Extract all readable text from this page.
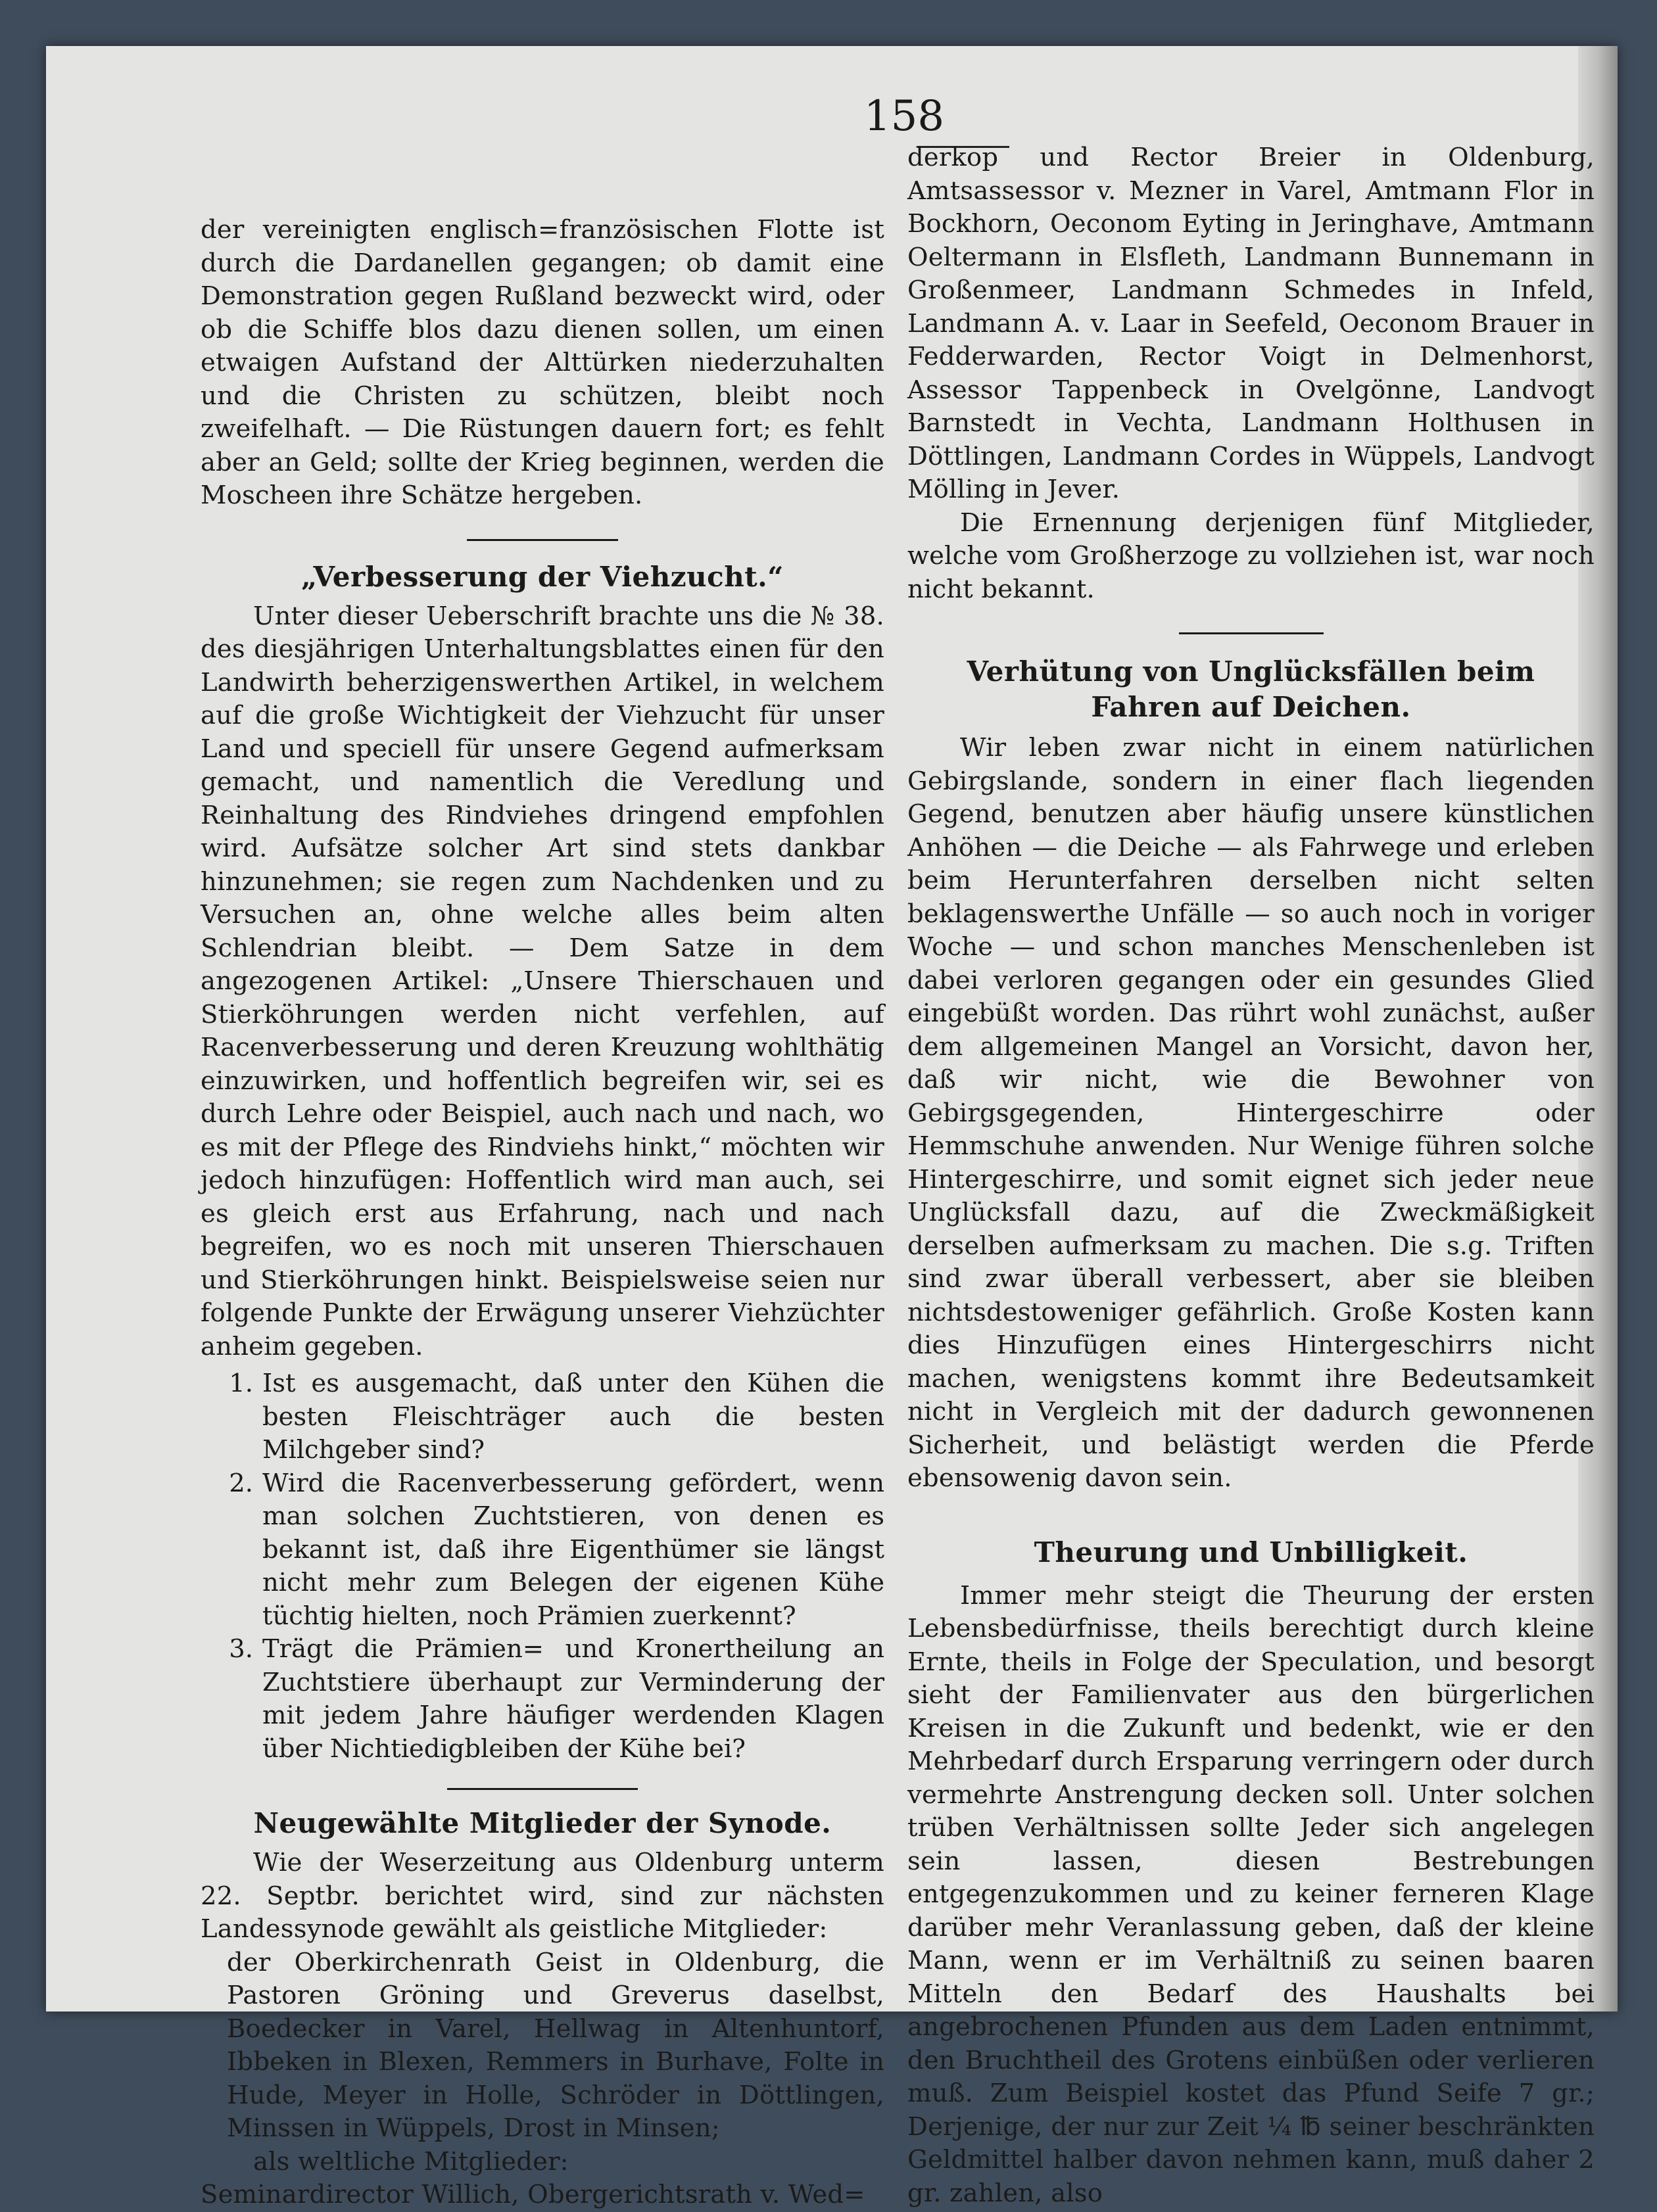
158

der vereinigten englisch=französischen Flotte ist durch die Dardanellen gegangen; ob damit eine Demonstration gegen Rußland bezweckt wird, oder ob die Schiffe blos dazu dienen sollen, um einen etwaigen Aufstand der Alttürken niederzuhalten und die Christen zu schützen, bleibt noch zweifelhaft. — Die Rüstungen dauern fort; es fehlt aber an Geld; sollte der Krieg beginnen, werden die Moscheen ihre Schätze hergeben.

„Verbesserung der Viehzucht.“

Unter dieser Ueberschrift brachte uns die № 38. des diesjährigen Unterhaltungsblattes einen für den Landwirth beherzigenswerthen Artikel, in welchem auf die große Wichtigkeit der Viehzucht für unser Land und speciell für unsere Gegend aufmerksam gemacht, und namentlich die Veredlung und Reinhaltung des Rindviehes dringend empfohlen wird. Aufsätze solcher Art sind stets dankbar hinzunehmen; sie regen zum Nachdenken und zu Versuchen an, ohne welche alles beim alten Schlendrian bleibt. — Dem Satze in dem angezogenen Artikel: „Unsere Thierschauen und Stierköhrungen werden nicht verfehlen, auf Racenverbesserung und deren Kreuzung wohlthätig einzuwirken, und hoffentlich begreifen wir, sei es durch Lehre oder Beispiel, auch nach und nach, wo es mit der Pflege des Rindviehs hinkt,“ möchten wir jedoch hinzufügen: Hoffentlich wird man auch, sei es gleich erst aus Erfahrung, nach und nach begreifen, wo es noch mit unseren Thierschauen und Stierköhrungen hinkt. Beispielsweise seien nur folgende Punkte der Erwägung unserer Viehzüchter anheim gegeben.

1. Ist es ausgemacht, daß unter den Kühen die besten Fleischträger auch die besten Milchgeber sind?
2. Wird die Racenverbesserung gefördert, wenn man solchen Zuchtstieren, von denen es bekannt ist, daß ihre Eigenthümer sie längst nicht mehr zum Belegen der eigenen Kühe tüchtig hielten, noch Prämien zuerkennt?
3. Trägt die Prämien= und Kronertheilung an Zuchtstiere überhaupt zur Verminderung der mit jedem Jahre häufiger werdenden Klagen über Nichtiedigbleiben der Kühe bei?
Neugewählte Mitglieder der Synode.

Wie der Weserzeitung aus Oldenburg unterm 22. Septbr. berichtet wird, sind zur nächsten Landessynode gewählt als geistliche Mitglieder:

der Oberkirchenrath Geist in Oldenburg, die Pastoren Gröning und Greverus daselbst, Boedecker in Varel, Hellwag in Altenhuntorf, Ibbeken in Blexen, Remmers in Burhave, Folte in Hude, Meyer in Holle, Schröder in Döttlingen, Minssen in Wüppels, Drost in Minsen;

als weltliche Mitglieder:

Seminardirector Willich, Obergerichtsrath v. Wed=

derkop und Rector Breier in Oldenburg, Amtsassessor v. Mezner in Varel, Amtmann Flor in Bockhorn, Oeconom Eyting in Jeringhave, Amtmann Oeltermann in Elsfleth, Landmann Bunnemann in Großenmeer, Landmann Schmedes in Infeld, Landmann A. v. Laar in Seefeld, Oeconom Brauer in Fedderwarden, Rector Voigt in Delmenhorst, Assessor Tappenbeck in Ovelgönne, Landvogt Barnstedt in Vechta, Landmann Holthusen in Döttlingen, Landmann Cordes in Wüppels, Landvogt Mölling in Jever.

Die Ernennung derjenigen fünf Mitglieder, welche vom Großherzoge zu vollziehen ist, war noch nicht bekannt.

Verhütung von Unglücksfällen beim
Fahren auf Deichen.

Wir leben zwar nicht in einem natürlichen Gebirgslande, sondern in einer flach liegenden Gegend, benutzen aber häufig unsere künstlichen Anhöhen — die Deiche — als Fahrwege und erleben beim Herunterfahren derselben nicht selten beklagenswerthe Unfälle — so auch noch in voriger Woche — und schon manches Menschenleben ist dabei verloren gegangen oder ein gesundes Glied eingebüßt worden. Das rührt wohl zunächst, außer dem allgemeinen Mangel an Vorsicht, davon her, daß wir nicht, wie die Bewohner von Gebirgsgegenden, Hintergeschirre oder Hemmschuhe anwenden. Nur Wenige führen solche Hintergeschirre, und somit eignet sich jeder neue Unglücksfall dazu, auf die Zweckmäßigkeit derselben aufmerksam zu machen. Die s.g. Triften sind zwar überall verbessert, aber sie bleiben nichtsdestoweniger gefährlich. Große Kosten kann dies Hinzufügen eines Hintergeschirrs nicht machen, wenigstens kommt ihre Bedeutsamkeit nicht in Vergleich mit der dadurch gewonnenen Sicherheit, und belästigt werden die Pferde ebensowenig davon sein.

Theurung und Unbilligkeit.

Immer mehr steigt die Theurung der ersten Lebensbedürfnisse, theils berechtigt durch kleine Ernte, theils in Folge der Speculation, und besorgt sieht der Familienvater aus den bürgerlichen Kreisen in die Zukunft und bedenkt, wie er den Mehrbedarf durch Ersparung verringern oder durch vermehrte Anstrengung decken soll. Unter solchen trüben Verhältnissen sollte Jeder sich angelegen sein lassen, diesen Bestrebungen entgegenzukommen und zu keiner ferneren Klage darüber mehr Veranlassung geben, daß der kleine Mann, wenn er im Verhältniß zu seinen baaren Mitteln den Bedarf des Haushalts bei angebrochenen Pfunden aus dem Laden entnimmt, den Bruchtheil des Grotens einbüßen oder verlieren muß. Zum Beispiel kostet das Pfund Seife 7 gr.; Derjenige, der nur zur Zeit ¼ ℔ seiner beschränkten Geldmittel halber davon nehmen kann, muß daher 2 gr. zahlen, also
